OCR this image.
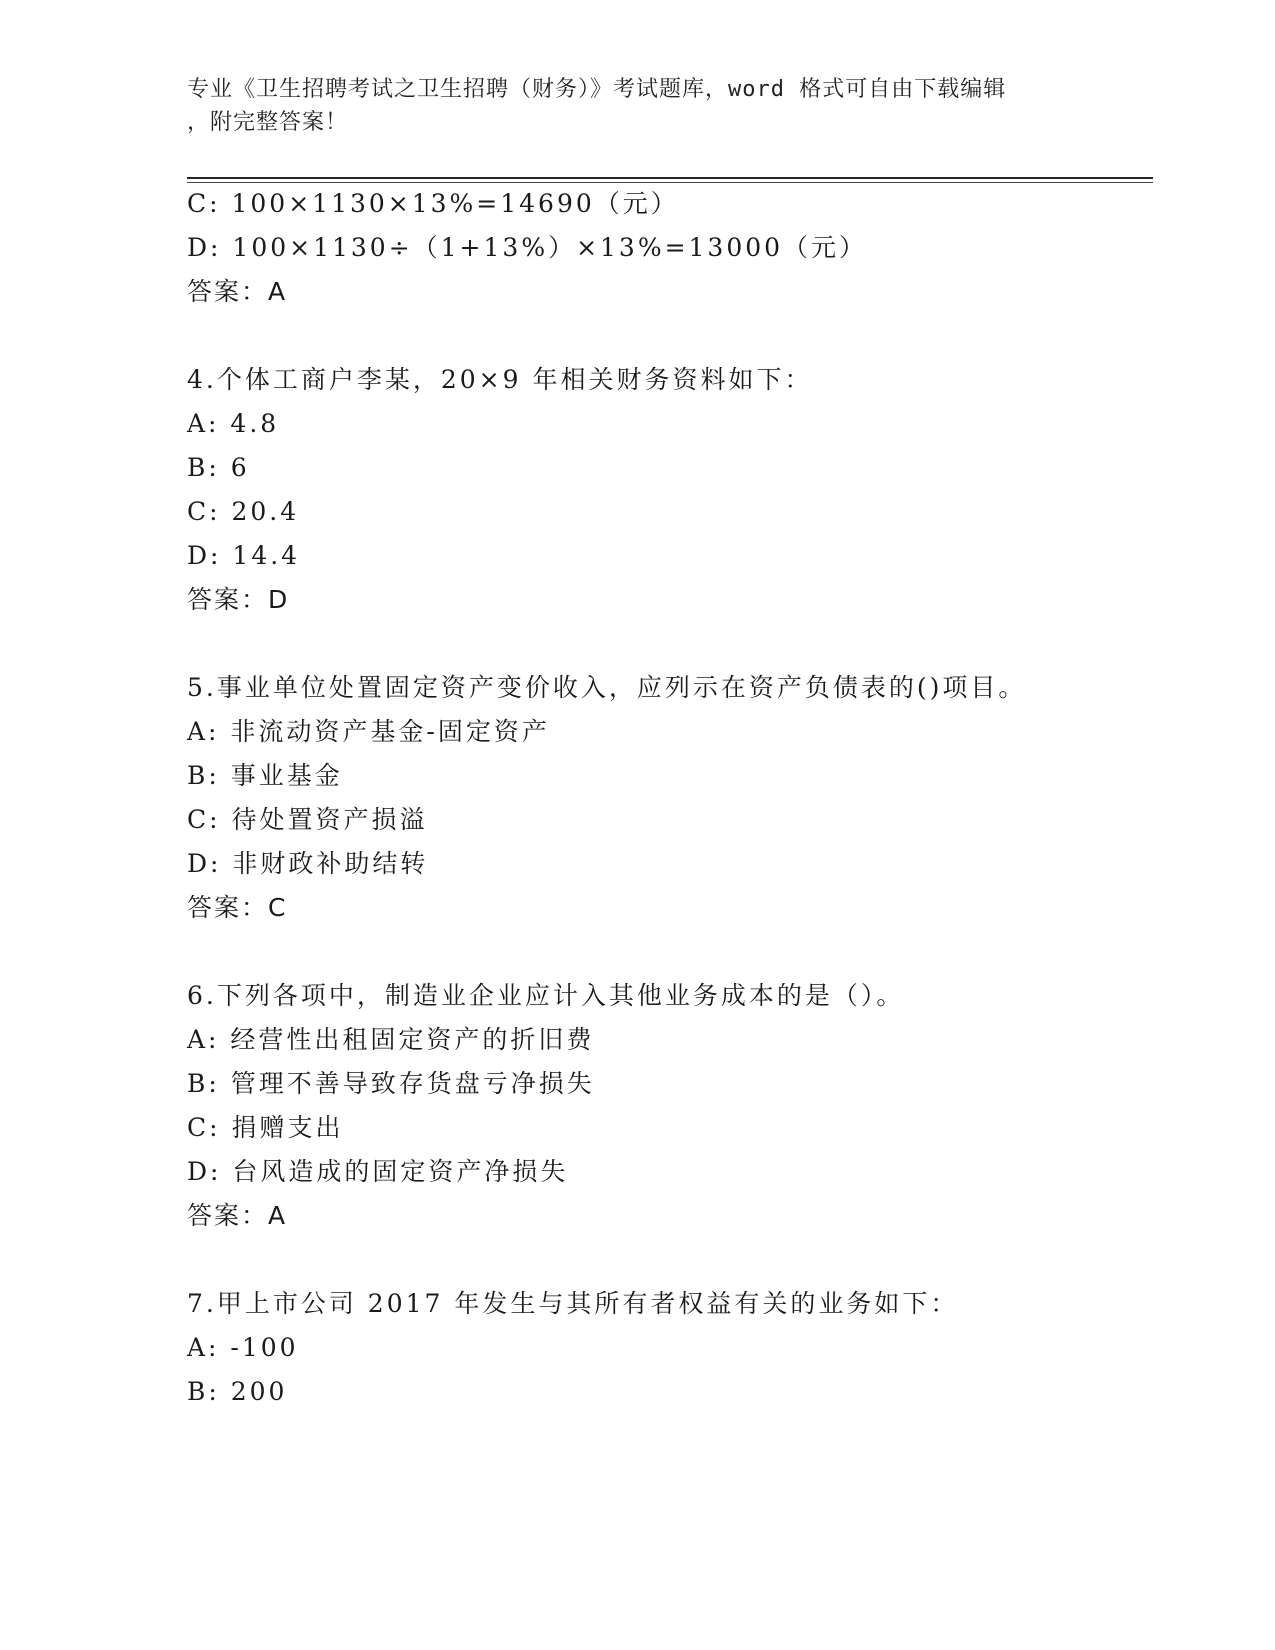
专业《卫生招聘考试之卫生招聘（财务）》考试题库，word 格式可自由下载编辑
，附完整答案！
C: 100×1130×13%=14690（元）
D: 100×1130÷（1+13%）×13%=13000（元）
答案：A
4.个体工商户李某，20×9 年相关财务资料如下：
A: 4.8
B: 6
C: 20.4
D: 14.4
答案：D
5.事业单位处置固定资产变价收入，应列示在资产负债表的()项目。
A: 非流动资产基金-固定资产
B: 事业基金
C: 待处置资产损溢
D: 非财政补助结转
答案：C
6.下列各项中，制造业企业应计入其他业务成本的是（）。
A: 经营性出租固定资产的折旧费
B: 管理不善导致存货盘亏净损失
C: 捐赠支出
D: 台风造成的固定资产净损失
答案：A
7.甲上市公司 2017 年发生与其所有者权益有关的业务如下：
A: -100
B: 200
